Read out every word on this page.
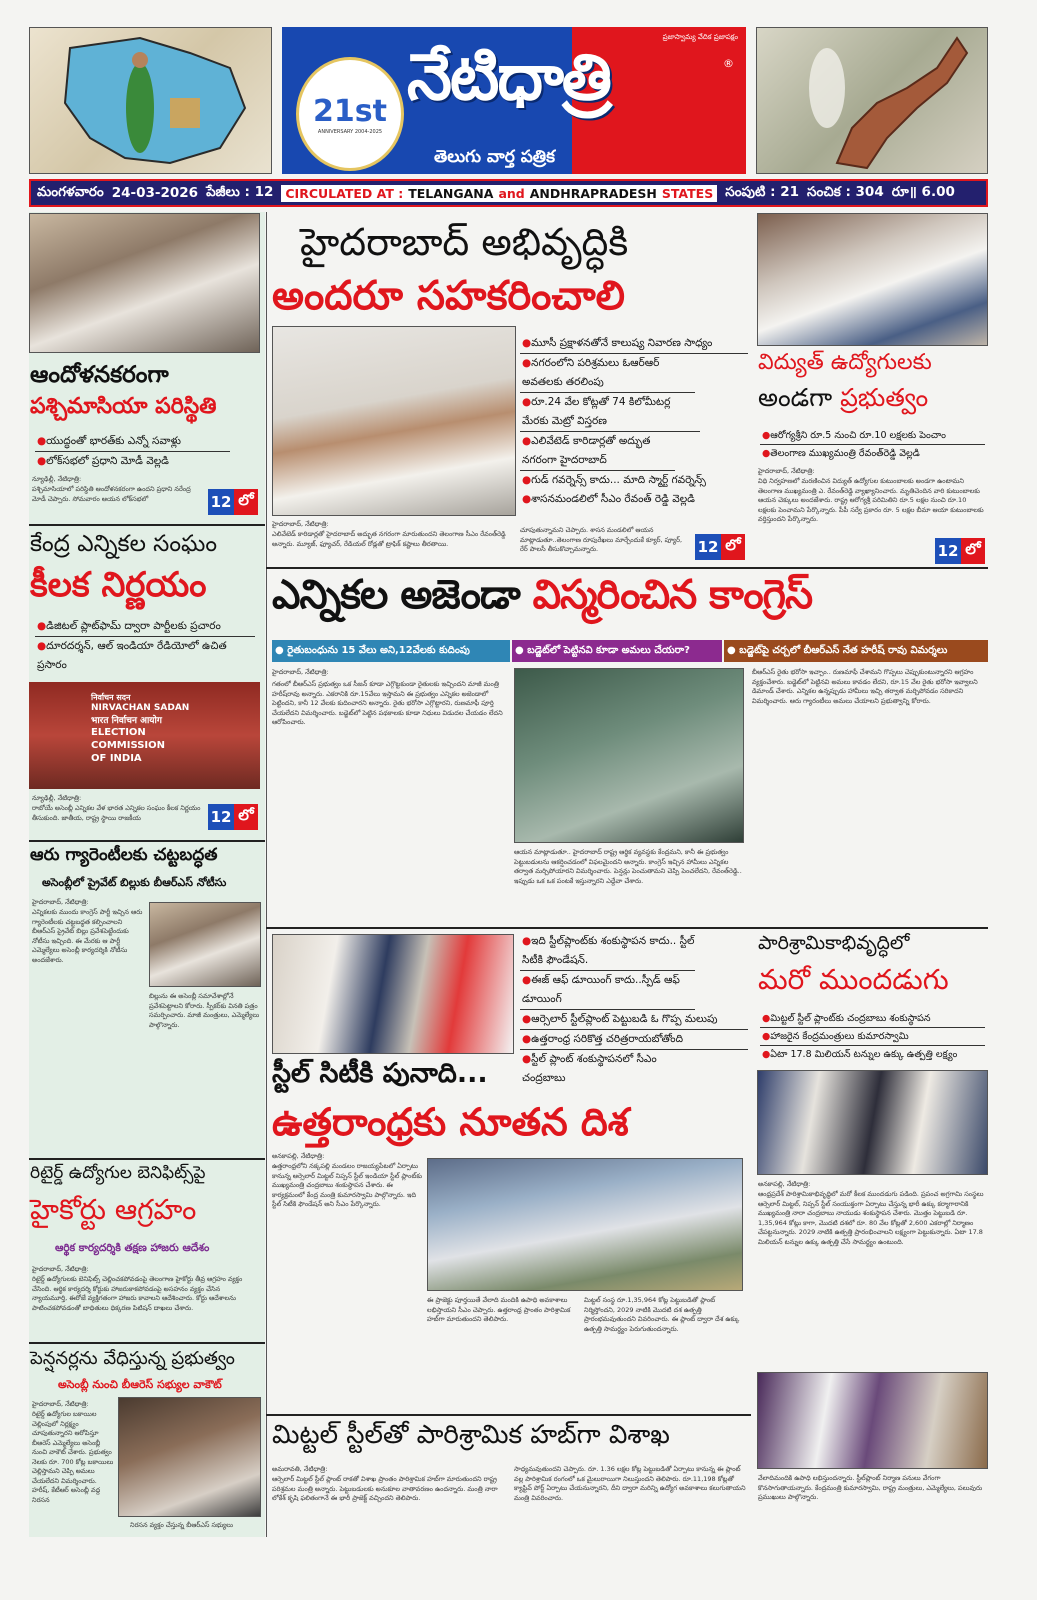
21st
ANNIVERSARY 2004-2025
ప్రజాస్వామ్య వేదిక ప్రజాపక్షం
నేటిధాత్రి	®
తెలుగు వార్త పత్రిక
మంగళవారం 24-03-2026 పేజీలు : 12 CIRCULATED AT : TELANGANA and ANDHRAPRADESH STATES సంపుటి : 21 సంచిక : 304 రూ॥ 6.00
ఆందోళనకరంగా
పశ్చిమాసియా పరిస్థితి
●యుద్ధంతో భారత్‌కు ఎన్నో సవాళ్లు
●లోక్‌సభలో ప్రధాని మోడీ వెల్లడి
న్యూఢిల్లీ, నేటిధాత్రి:
పశ్చిమాసియాలో పరిస్థితి ఆందోళనకరంగా ఉందని ప్రధాని నరేంద్ర మోడీ చెప్పారు. సోమవారం ఆయన లోక్‌సభలో	12 లో
కేంద్ర ఎన్నికల సంఘం
కీలక నిర్ణయం
●డిజిటల్ ప్లాట్‌ఫామ్ ద్వారా పార్టీలకు ప్రచారం
●దూరదర్శన్, ఆల్ ఇండియా రేడియోలో ఉచిత ప్రసారం
निर्वाचन सदन
NIRVACHAN SADAN
भारत निर्वाचन आयोग
ELECTION COMMISSION OF INDIA
న్యూఢిల్లీ, నేటిధాత్రి:
రాబోయే అసెంబ్లీ ఎన్నికల వేళ భారత ఎన్నికల సంఘం కీలక నిర్ణయం తీసుకుంది. జాతీయ, రాష్ట్ర స్థాయి రాజకీయ	12 లో
ఆరు గ్యారెంటీలకు చట్టబద్ధత
అసెంబ్లీలో ప్రైవేట్ బిల్లుకు బీఆర్ఎస్ నోటీసు
హైదరాబాద్, నేటిధాత్రి:
ఎన్నికలకు ముందు కాంగ్రెస్ పార్టీ ఇచ్చిన ఆరు గ్యారెంటీలకు చట్టబద్ధత కల్పించాలని బీఆర్ఎస్ ప్రైవేట్ బిల్లు ప్రవేశపెట్టేందుకు నోటీసు ఇచ్చింది. ఈ మేరకు ఆ పార్టీ ఎమ్మెల్యేలు అసెంబ్లీ కార్యదర్శికి నోటీసు అందజేశారు.
బిల్లును ఈ అసెంబ్లీ సమావేశాల్లోనే ప్రవేశపెట్టాలని కోరారు. స్పీకర్‌కు వినతి పత్రం సమర్పించారు. మాజీ మంత్రులు, ఎమ్మెల్యేలు పాల్గొన్నారు.
రిటైర్డ్ ఉద్యోగుల బెనిఫిట్స్‌పై
హైకోర్టు ఆగ్రహం
ఆర్థిక కార్యదర్శికి తక్షణ హాజరు ఆదేశం
హైదరాబాద్, నేటిధాత్రి:
రిటైర్డ్ ఉద్యోగులకు బెనిఫిట్స్ చెల్లించకపోవడంపై తెలంగాణ హైకోర్టు తీవ్ర ఆగ్రహం వ్యక్తం చేసింది. ఆర్థిక కార్యదర్శి కోర్టుకు హాజరుకాకపోవడంపై అసహనం వ్యక్తం చేసిన న్యాయమూర్తి, ఈరోజే వ్యక్తిగతంగా హాజరు కావాలని ఆదేశించారు. కోర్టు ఆదేశాలను పాటించకపోవడంతో బాధితులు ధిక్కరణ పిటిషన్ దాఖలు చేశారు.
పెన్షనర్లను వేధిస్తున్న ప్రభుత్వం
అసెంబ్లీ నుంచి బీఆరెస్ సభ్యుల వాకౌట్
హైదరాబాద్, నేటిధాత్రి:
రిటైర్డ్ ఉద్యోగుల బకాయిల చెల్లింపులో నిర్లక్ష్యం చూపుతున్నారని ఆరోపిస్తూ బీఆరెస్ ఎమ్మెల్యేలు అసెంబ్లీ నుంచి వాకౌట్ చేశారు. ప్రభుత్వం నెలకు రూ. 700 కోట్ల బకాయిలు చెల్లిస్తామని చెప్పి అమలు చేయలేదని విమర్శించారు. హరీష్, కేటీఆర్ అసెంబ్లీ వద్ద నిరసన
నిరసన వ్యక్తం చేస్తున్న బీఆర్ఎస్ సభ్యులు
హైదరాబాద్ అభివృద్ధికి
అందరూ సహకరించాలి
●మూసీ ప్రక్షాళనతోనే కాలుష్య నివారణ సాధ్యం
●నగరంలోని పరిశ్రమలు ఓఆర్ఆర్ అవతలకు తరలింపు
●రూ.24 వేల కోట్లతో 74 కిలోమీటర్ల మేరకు మెట్రో విస్తరణ
●ఎలివేటెడ్ కారిడార్లతో అద్భుత నగరంగా హైదరాబాద్
●గుడ్ గవర్నెన్స్ కాదు... మాది స్మార్ట్ గవర్నెన్స్
●శాసనమండలిలో సీఎం రేవంత్ రెడ్డి వెల్లడి
హైదరాబాద్, నేటిధాత్రి:
ఎలివేటెడ్ కారిడార్లతో హైదరాబాద్ అద్భుత నగరంగా మారుతుందని తెలంగాణ సీఎం రేవంత్‌రెడ్డి అన్నారు. మ్యూజ్, ఫ్యూచర్, రేడియల్ రోడ్లతో ట్రాఫిక్ కష్టాలు తీరతాయి.
చూపుతున్నామని చెప్పారు. శాసన మండలిలో ఆయన మాట్లాడుతూ..తెలంగాణ రూపురేఖలు మార్చేందుకే క్యూర్, ప్యూర్, రేర్ పాలసీ తీసుకొచ్చామన్నారు.	12 లో
విద్యుత్ ఉద్యోగులకు
అండగా ప్రభుత్వం
●ఆరోగ్యశ్రీని రూ.5 నుంచి రూ.10 లక్షలకు పెంచాం
●తెలంగాణ ముఖ్యమంత్రి రేవంత్‌రెడ్డి వెల్లడి
హైదరాబాద్, నేటిధాత్రి:
విధి నిర్వహణలో మరణించిన విద్యుత్ ఉద్యోగుల కుటుంబాలకు అండగా ఉంటామని తెలంగాణ ముఖ్యమంత్రి ఎ. రేవంత్‌రెడ్డి వ్యాఖ్యానించారు. మృతిచెందిన వారి కుటుంబాలకు ఆయన చెక్కులు అందజేశారు. రాష్ట్ర ఆరోగ్యశ్రీ పరిమితిని రూ.5 లక్షల నుంచి రూ.10 లక్షలకు పెంచామని పేర్కొన్నారు. పీపీ సర్వే ప్రకారం రూ. 5 లక్షల బీమా ఆయా కుటుంబాలకు వర్తిస్తుందని పేర్కొన్నారు.
12 లో
ఎన్నికల అజెండా విస్మరించిన కాంగ్రెస్
● రైతుబంధును 15 వేలు అని,12వేలకు కుదింపు	● బడ్జెట్‌లో పెట్టినవి కూడా అమలు చేయరా?	● బడ్జెట్‌పై చర్చలో బీఆర్ఎస్ నేత హరీష్ రావు విమర్శలు
హైదరాబాద్, నేటిధాత్రి:
గతంలో బీఆర్ఎస్ ప్రభుత్వం ఒక సీజన్ కూడా ఎగ్గొట్టకుండా రైతులకు ఇచ్చిందని మాజీ మంత్రి హరీష్‌రావు అన్నారు. ఎకరానికి రూ.15వేలు ఇస్తామని ఈ ప్రభుత్వం ఎన్నికల అజెండాలో పెట్టిందని, కానీ 12 వేలకు కుదించారని అన్నారు. రైతు భరోసా ఎగ్గొట్టారని, రుణమాఫీ పూర్తి చేయలేదని విమర్శించారు. బడ్జెట్‌లో పెట్టిన పథకాలకు కూడా నిధులు విడుదల చేయడం లేదని ఆరోపించారు.
ఆయన మాట్లాడుతూ.. హైదరాబాద్ రాష్ట్ర ఆర్థిక వ్యవస్థకు కేంద్రమని, కానీ ఈ ప్రభుత్వం పెట్టుబడులను ఆకర్షించడంలో విఫలమైందని అన్నారు. కాంగ్రెస్ ఇచ్చిన హామీలు ఎన్నికల తర్వాత మర్చిపోయారని విమర్శించారు. పెన్షన్లు పెంచుతామని చెప్పి పెంచలేదని, రేవంత్‌రెడ్డి.. ఇప్పుడు ఒక ఒక పంటకే ఇస్తున్నారని ఎద్దేవా చేశారు.
బీఆర్ఎస్ రైతు భరోసా ఇచ్చాం.. రుణమాఫీ చేశామని గొప్పలు చెప్పుకుంటున్నారని ఆగ్రహం వ్యక్తంచేశారు. బడ్జెట్‌లో పెట్టినవి అమలు కావడం లేదని, రూ.15 వేల రైతు భరోసా ఇవ్వాలని డిమాండ్ చేశారు. ఎన్నికల ఉన్నప్పుడు హామీలు ఇచ్చి తర్వాత మర్చిపోవడం సరికాదని విమర్శించారు. ఆరు గ్యారంటీలు అమలు చేయాలని ప్రభుత్వాన్ని కోరారు.
●ఇది స్టీల్‌ప్లాంట్‌కు శంకుస్థాపన కాదు.. స్టీల్ సిటీకి ఫౌండేషన్.
●ఈజ్ ఆఫ్ డూయింగ్ కాదు..స్పీడ్ ఆఫ్ డూయింగ్
●ఆర్సెలార్ స్టీల్‌ప్లాంట్ పెట్టుబడి ఓ గొప్ప మలుపు
●ఉత్తరాంధ్ర సరికొత్త చరిత్రరాయబోతోంది
●స్టీల్ ప్లాంట్ శంకుస్థాపనలో సీఎం చంద్రబాబు
స్టీల్ సిటీకి పునాది...
ఉత్తరాంధ్రకు నూతన దిశ
అనకాపల్లి, నేటిధాత్రి:
ఉత్తరాంధ్రలోని నక్కపల్లి మండలం రాజయ్యపేటలో ఏర్పాటు కానున్న ఆర్సెలార్ మిట్టల్ నిప్పన్ స్టీల్ ఇండియా స్టీల్ ప్లాంట్‌కు ముఖ్యమంత్రి చంద్రబాబు శంకుస్థాపన చేశారు. ఈ కార్యక్రమంలో కేంద్ర మంత్రి కుమారస్వామి పాల్గొన్నారు. ఇది స్టీల్ సిటీకి ఫౌండేషన్ అని సీఎం పేర్కొన్నారు.
ఈ ప్రాజెక్టు పూర్తయితే వేలాది మందికి ఉపాధి అవకాశాలు లభిస్తాయని సీఎం చెప్పారు. ఉత్తరాంధ్ర ప్రాంతం పారిశ్రామిక హబ్‌గా మారుతుందని తెలిపారు.
మిట్టల్ సంస్థ రూ.1,35,964 కోట్ల పెట్టుబడితో ప్లాంట్ నిర్మిస్తోందని, 2029 నాటికి మొదటి దశ ఉత్పత్తి ప్రారంభమవుతుందని వివరించారు. ఈ ప్లాంట్ ద్వారా దేశ ఉక్కు ఉత్పత్తి సామర్థ్యం పెరుగుతుందన్నారు.
పారిశ్రామికాభివృద్ధిలో
మరో ముందడుగు
●మిట్టల్ స్టీల్ ప్లాంట్‌కు చంద్రబాబు శంకుస్థాపన
●హాజరైన కేంద్రమంత్రులు కుమారస్వామి
●ఏటా 17.8 మిలియన్ టన్నుల ఉక్కు ఉత్పత్తి లక్ష్యం
అనకాపల్లి, నేటిధాత్రి:
ఆంధ్రప్రదేశ్ పారిశ్రామికాభివృద్ధిలో మరో కీలక ముందడుగు పడింది. ప్రపంచ అగ్రగామి సంస్థలు ఆర్సెలార్ మిట్టల్, నిప్పన్ స్టీల్ సంయుక్తంగా ఏర్పాటు చేస్తున్న భారీ ఉక్కు కర్మాగారానికి ముఖ్యమంత్రి నారా చంద్రబాబు నాయుడు శంకుస్థాపన చేశారు. మొత్తం పెట్టుబడి రూ. 1,35,964 కోట్లు కాగా, మొదటి దశలో రూ. 80 వేల కోట్లతో 2,600 ఎకరాల్లో నిర్మాణం చేపట్టనున్నారు. 2029 నాటికి ఉత్పత్తి ప్రారంభించాలని లక్ష్యంగా పెట్టుకున్నారు. ఏటా 17.8 మిలియన్ టన్నుల ఉక్కు ఉత్పత్తి చేసే సామర్థ్యం ఉంటుంది.
వేలాదిమందికి ఉపాధి లభిస్తుందన్నారు. స్టీల్‌ప్లాంట్ నిర్మాణ పనులు వేగంగా కొనసాగుతాయన్నారు. కేంద్రమంత్రి కుమారస్వామి, రాష్ట్ర మంత్రులు, ఎమ్మెల్యేలు, పలువురు ప్రముఖులు పాల్గొన్నారు.
మిట్టల్ స్టీల్‌తో పారిశ్రామిక హబ్‌గా విశాఖ
అమరావతి, నేటిధాత్రి:
ఆర్సెలార్ మిట్టల్ స్టీల్ ప్లాంట్ రాకతో విశాఖ ప్రాంతం పారిశ్రామిక హబ్‌గా మారుతుందని రాష్ట్ర పరిశ్రమల మంత్రి అన్నారు. పెట్టుబడులకు అనుకూల వాతావరణం ఉందన్నారు. మంత్రి నారా లోకేశ్ కృషి ఫలితంగానే ఈ భారీ ప్రాజెక్ట్ వచ్చిందని తెలిపారు.
సాధ్యమవుతుందని చెప్పారు. రూ. 1.36 లక్షల కోట్ల పెట్టుబడితో ఏర్పాటు కానున్న ఈ ప్లాంట్ వల్ల పారిశ్రామిక రంగంలో ఒక మైలురాయిగా నిలుస్తుందని తెలిపారు. రూ.11,198 కోట్లతో క్యాప్టివ్ పోర్ట్ ఏర్పాటు చేయనున్నారని, దీని ద్వారా మరిన్ని ఉద్యోగ అవకాశాలు కలుగుతాయని మంత్రి వివరించారు.
